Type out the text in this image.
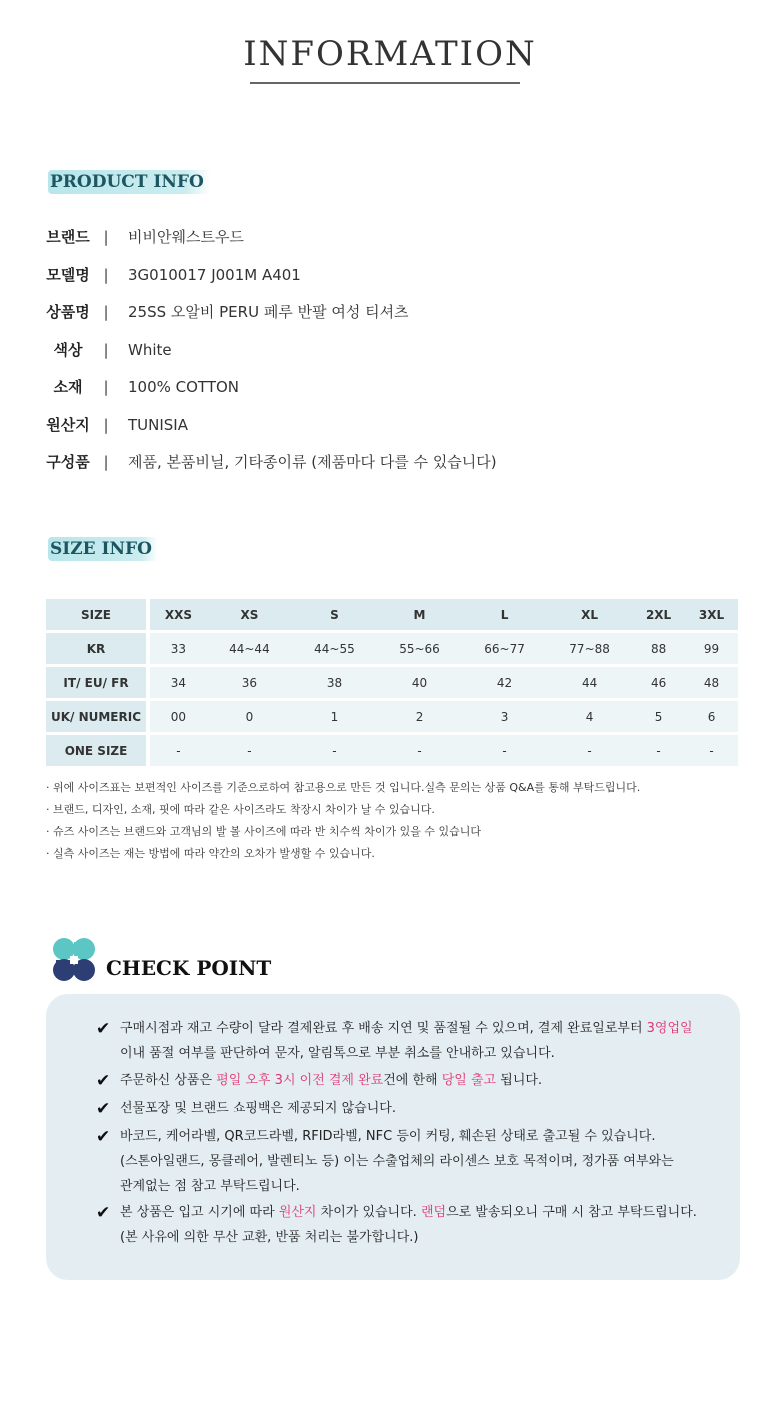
INFORMATION
PRODUCT INFO
브랜드 | 비비안웨스트우드
모델명 | 3G010017 J001M A401
상품명 | 25SS 오알비 PERU 페루 반팔 여성 티셔츠
색상	| White
소재	| 100% COTTON
원산지 | TUNISIA
구성품 | 제품, 본품비닐, 기타종이류 (제품마다 다를 수 있습니다)
SIZE INFO
SIZE	XXS	XS	S	M	L	XL	2XL	3XL
KR	33	44~44	44~55	55~66	66~77	77~88	88	99
IT/ EU/ FR	34	36	38	40	42	44	46	48
UK/ NUMERIC	00	0	1	2	3	4	5	6
ONE SIZE	-	-	-	-	-	-	-	-
· 위에 사이즈표는 보편적인 사이즈를 기준으로하여 참고용으로 만든 것 입니다.실측 문의는 상품 Q&A를 통해 부탁드립니다.
· 브랜드, 디자인, 소재, 핏에 따라 같은 사이즈라도 착장시 차이가 날 수 있습니다.
· 슈즈 사이즈는 브랜드와 고객님의 발 볼 사이즈에 따라 반 치수씩 차이가 있을 수 있습니다
· 실측 사이즈는 재는 방법에 따라 약간의 오차가 발생할 수 있습니다.
CHECK POINT
✔ 구매시점과 재고 수량이 달라 결제완료 후 배송 지연 및 품절될 수 있으며, 결제 완료일로부터 3영업일
이내 품절 여부를 판단하여 문자, 알림톡으로 부분 취소를 안내하고 있습니다.
✔ 주문하신 상품은 평일 오후 3시 이전 결제 완료건에 한해 당일 출고 됩니다.
✔ 선물포장 및 브랜드 쇼핑백은 제공되지 않습니다.
✔ 바코드, 케어라벨, QR코드라벨, RFID라벨, NFC 등이 커팅, 훼손된 상태로 출고될 수 있습니다.
(스톤아일랜드, 몽클레어, 발렌티노 등) 이는 수출업체의 라이센스 보호 목적이며, 정가품 여부와는
관계없는 점 참고 부탁드립니다.
✔ 본 상품은 입고 시기에 따라 원산지 차이가 있습니다. 랜덤으로 발송되오니 구매 시 참고 부탁드립니다.
(본 사유에 의한 무산 교환, 반품 처리는 불가합니다.)
